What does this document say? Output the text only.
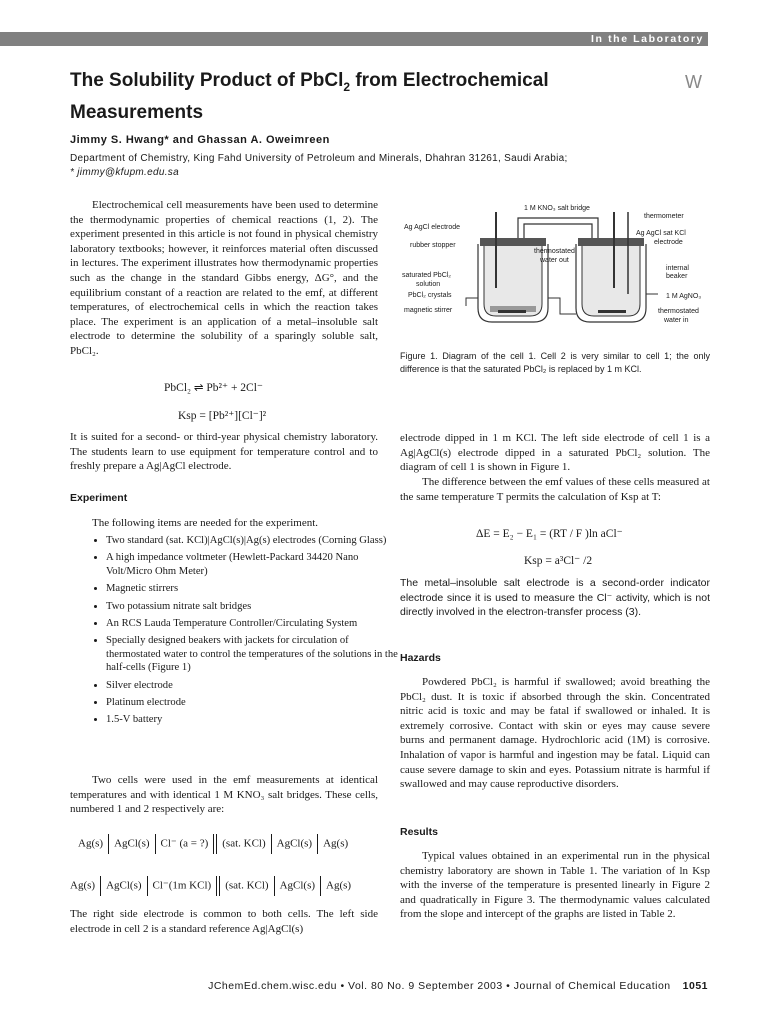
In the Laboratory
The Solubility Product of PbCl$_2$ from Electrochemical
Measurements
W
Jimmy S. Hwang* and Ghassan A. Oweimreen
Department of Chemistry, King Fahd University of Petroleum and Minerals, Dhahran 31261, Saudi Arabia;
* jimmy@kfupm.edu.sa
Electrochemical cell measurements have been used to determine the thermodynamic properties of chemical reactions (1, 2). The experiment presented in this article is not found in physical chemistry laboratory textbooks; however, it reinforces material often discussed in lectures. The experiment illustrates how thermodynamic properties such as the change in the standard Gibbs energy, ΔG°, and the equilibrium constant of a reaction are related to the emf, at different temperatures, of electrochemical cells in which the reaction takes place. The experiment is an application of a metal–insoluble salt electrode to determine the solubility of a sparingly soluble salt, PbCl₂.
PbCl₂ ⇌ Pb²⁺ + 2Cl⁻
Ksp = [Pb²⁺][Cl⁻]²
It is suited for a second- or third-year physical chemistry laboratory. The students learn to use equipment for temperature control and to freshly prepare a Ag|AgCl electrode.
Experiment
The following items are needed for the experiment.
• Two standard (sat. KCl)|AgCl(s)|Ag(s) electrodes (Corning Glass)
• A high impedance voltmeter (Hewlett-Packard 34420 Nano Volt/Micro Ohm Meter)
• Magnetic stirrers
• Two potassium nitrate salt bridges
• An RCS Lauda Temperature Controller/Circulating System
• Specially designed beakers with jackets for circulation of thermostated water to control the temperatures of the solutions in the half-cells (Figure 1)
• Silver electrode
• Platinum electrode
• 1.5-V battery
Two cells were used in the emf measurements at identical temperatures and with identical 1 M KNO₃ salt bridges. These cells, numbered 1 and 2 respectively are:
Ag(s) AgCl(s) Cl⁻ (a = ?) (sat. KCl) AgCl(s) Ag(s)
Ag(s) AgCl(s) Cl⁻(1m KCl) (sat. KCl) AgCl(s) Ag(s)
The right side electrode is common to both cells. The left side electrode in cell 2 is a standard reference Ag|AgCl(s)
1 M KNO₃ salt bridge
thermometer
Ag AgCl electrode
Ag AgCl sat KCl
electrode
rubber stopper
thermostated
water out
internal
beaker
saturated PbCl₂
solution
1 M AgNO₃
PbCl₂ crystals
magnetic stirrer	thermostated
water in
Figure 1. Diagram of the cell 1. Cell 2 is very similar to cell 1; the only difference is that the saturated PbCl₂ is replaced by 1 m KCl.
electrode dipped in 1 m KCl. The left side electrode of cell 1 is a Ag|AgCl(s) electrode dipped in a saturated PbCl₂ solution. The diagram of cell 1 is shown in Figure 1.
The difference between the emf values of these cells measured at the same temperature T permits the calculation of Ksp at T:
ΔE = E₂ − E₁ = (RT / F )ln aCl⁻
Ksp = a³Cl⁻ /2
The metal–insoluble salt electrode is a second-order indicator electrode since it is used to measure the Cl⁻ activity, which is not directly involved in the electron-transfer process (3).
Hazards
Powdered PbCl₂ is harmful if swallowed; avoid breathing the PbCl₂ dust. It is toxic if absorbed through the skin. Concentrated nitric acid is toxic and may be fatal if swallowed or inhaled. It is extremely corrosive. Contact with skin or eyes may cause severe burns and permanent damage. Hydrochloric acid (1M) is corrosive. Inhalation of vapor is harmful and ingestion may be fatal. Liquid can cause severe damage to skin and eyes. Potassium nitrate is harmful if swallowed and may cause reproductive disorders.
Results
Typical values obtained in an experimental run in the physical chemistry laboratory are shown in Table 1. The variation of ln Ksp with the inverse of the temperature is presented linearly in Figure 2 and quadratically in Figure 3. The thermodynamic values calculated from the slope and intercept of the graphs are listed in Table 2.
JChemEd.chem.wisc.edu • Vol. 80 No. 9 September 2003 • Journal of Chemical Education 1051
